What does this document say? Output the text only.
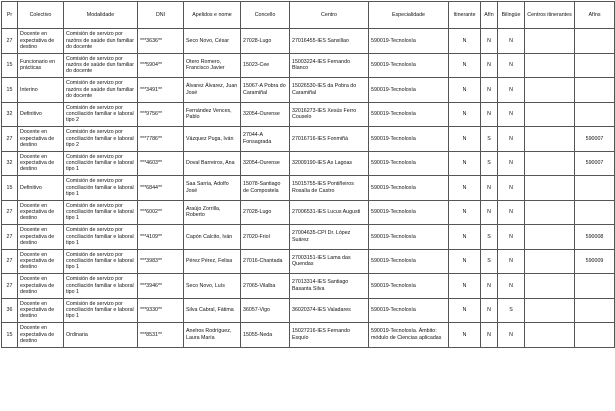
Pr	Colectivo	Modalidade	DNI	Apelidos e nome	Concello	Centro	Especialidade	Itinerante	Afín	Bilingüe	Centros itinerantes	Afíns
27	Docente en expectativa de destino	Comisión de servizo por razóns de saúde dun familiar do docente	***3636**	Seco Novo, César	27028-Lugo	27016455-IES Sanxillao	590019-Tecnoloxía	N	N	N		
15	Funcionario en prácticas	Comisión de servizo por razóns de saúde dun familiar do docente	***5904**	Otero Romero, Francisco Javier	15023-Cee	15003224-IES Fernando Blanco	590019-Tecnoloxía	N	N	N		
15	Interino	Comisión de servizo por razóns de saúde dun familiar do docente	***3491**	Álvarez Álvarez, Juan José	15067-A Pobra do Caramiñal	15026530-IES da Pobra do Caramiñal	590019-Tecnoloxía	N	N	N		
32	Definitivo	Comisión de servizo por conciliación familiar e laboral tipo 2	***9756**	Fernández Vences, Pablo	32054-Ourense	32016273-IES Xesús Ferro Couselo	590019-Tecnoloxía	N	N	N		
27	Docente en expectativa de destino	Comisión de servizo por conciliación familiar e laboral tipo 2	***7786**	Vázquez Puga, Iván	27044-A Fonsagrada	27016716-IES Fonmiñá	590019-Tecnoloxía	N	S	N		590007
32	Docente en expectativa de destino	Comisión de servizo por conciliación familiar e laboral tipo 1	***4603**	Doval Barreiros, Ana	32054-Ourense	32009190-IES As Lagoas	590019-Tecnoloxía	N	S	N		590007
15	Definitivo	Comisión de servizo por conciliación familiar e laboral tipo 1	***6844**	Saa Sarria, Adolfo José	15078-Santiago de Compostela	15015755-IES Pontiñeiros Rosalía de Castro	590019-Tecnoloxía	N	N	N		
27	Docente en expectativa de destino	Comisión de servizo por conciliación familiar e laboral tipo 1	***6002**	Araújo Zorrilla, Roberto	27028-Lugo	27006531-IES Lucus Augusti	590019-Tecnoloxía	N	N	N		
27	Docente en expectativa de destino	Comisión de servizo por conciliación familiar e laboral tipo 1	***4109**	Capón Calcito, Iván	27020-Friol	27004635-CPI Dr. López Suárez	590019-Tecnoloxía	N	S	N		590008
27	Docente en expectativa de destino	Comisión de servizo por conciliación familiar e laboral tipo 1	***3983**	Pérez Pérez, Felisa	27016-Chantada	27003151-IES Lama das Quendas	590019-Tecnoloxía	N	S	N		590009
27	Docente en expectativa de destino	Comisión de servizo por conciliación familiar e laboral tipo 1	***3946**	Seco Novo, Luís	27065-Vilalba	27013314-IES Santiago Basanta Silva	590019-Tecnoloxía	N	N	N		
36	Docente en expectativa de destino	Comisión de servizo por conciliación familiar e laboral tipo 1	***9330**	Silva Cabral, Fátima	36057-Vigo	36020374-IES Valadares	590019-Tecnoloxía	N	N	S		
15	Docente en expectativa de destino	Ordinaria	***8531**	Anelros Rodríguez, Laura María	15055-Neda	15027216-IES Fernando Esquío	590019-Tecnoloxía. Ámbito: módulo de Ciencias aplicadas	N	N	N		
